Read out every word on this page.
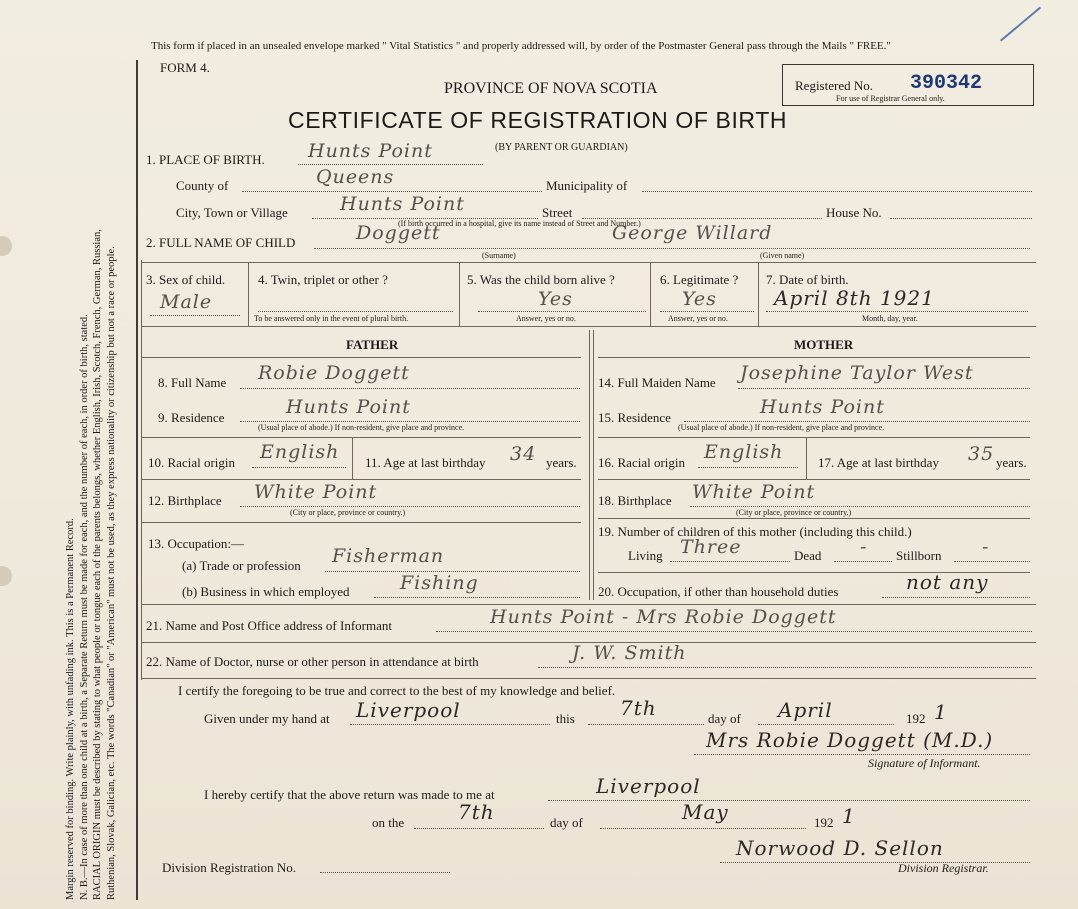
Margin reserved for binding. Write plainly, with unfading ink. This is a Permanent Record. N. B.—In case of more than one child at a birth, a Separate Return must be made for each, and the number of each, in order of birth, stated. RACIAL ORIGIN must be described by stating to what people or tongue each of the parents belongs, whether English, Irish, Scotch, French, German, Russian, Ruthenian, Slovak, Galician, etc. The words "Canadian" or "American" must not be used, as they express nationality or citizenship but not a race or people.
This form if placed in an unsealed envelope marked " Vital Statistics " and properly addressed will, by order of the Postmaster General pass through the Mails " FREE."
FORM 4.
PROVINCE OF NOVA SCOTIA
CERTIFICATE OF REGISTRATION OF BIRTH
(BY PARENT OR GUARDIAN)
Registered No. 390342
For use of Registrar General only.
1. PLACE OF BIRTH. Hunts Point
County of	Queens	Municipality of
City, Town or Village	Hunts Point	Street	House No.
(If birth occurred in a hospital, give its name instead of Street and Number.)
2. FULL NAME OF CHILD	Doggett	George Willard
(Surname)	(Given name)
3. Sex of child.
Male
4. Twin, triplet or other ?
To be answered only in the event of plural birth.
5. Was the child born alive ?
Yes
Answer, yes or no.
6. Legitimate ?
Yes
Answer, yes or no.
7. Date of birth.
April 8th 1921
Month, day, year.
FATHER	MOTHER
8. Full Name Robie Doggett
9. Residence	Hunts Point
(Usual place of abode.) If non-resident, give place and province.
10. Racial origin English 11. Age at last birthday 34 years.
12. Birthplace White Point
(City or place, province or country.)
13. Occupation:—
(a) Trade or profession Fisherman
(b) Business in which employed	Fishing
14. Full Maiden Name Josephine Taylor West
15. Residence	Hunts Point
(Usual place of abode.) If non-resident, give place and province.
16. Racial origin English	17. Age at last birthday 35 years.
18. Birthplace White Point
(City or place, province or country.)
19. Number of children of this mother (including this child.)
Living Three	Dead - Stillborn -
20. Occupation, if other than household duties	not any
21. Name and Post Office address of Informant	Hunts Point - Mrs Robie Doggett
22. Name of Doctor, nurse or other person in attendance at birth	J. W. Smith
I certify the foregoing to be true and correct to the best of my knowledge and belief.
Given under my hand at Liverpool	this 7th	day of April	192 1
Mrs Robie Doggett (M.D.)
Signature of Informant.
I hereby certify that the above return was made to me at	Liverpool
on the	7th	day of	May	192 1
Norwood D. Sellon
Division Registration No.	Division Registrar.
